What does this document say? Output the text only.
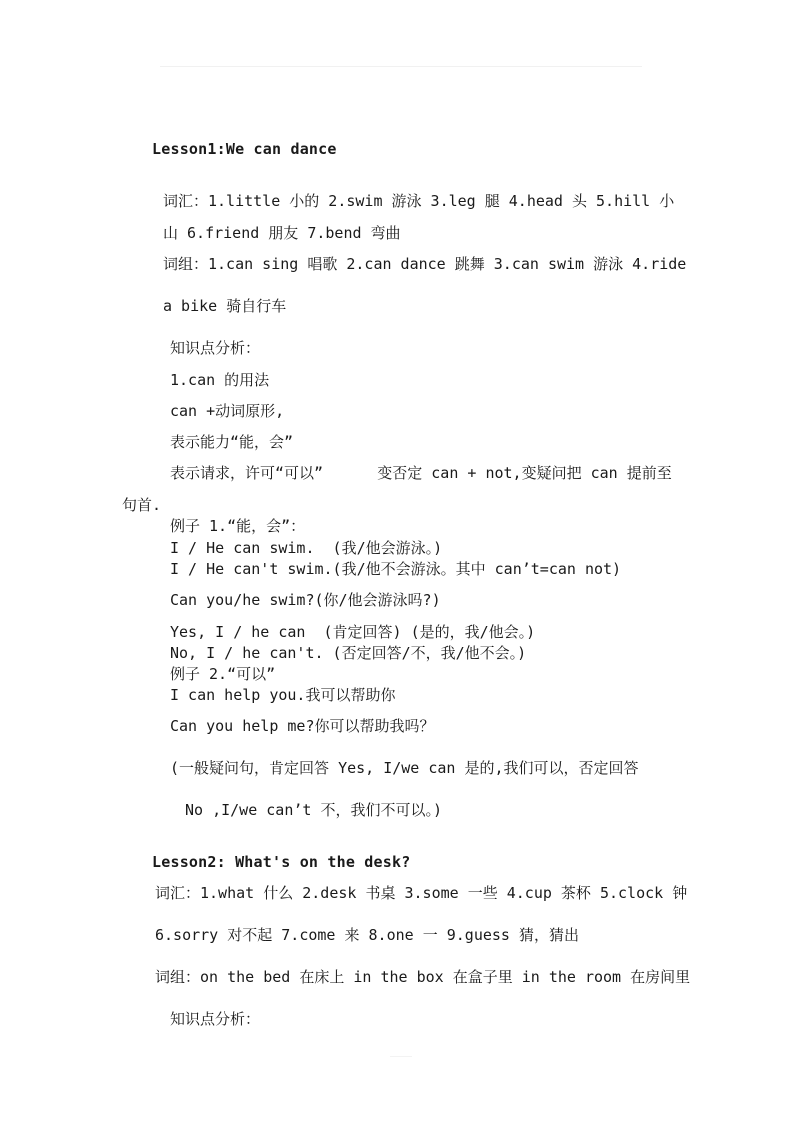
Lesson1:We can dance
词汇：1.little 小的 2.swim 游泳 3.leg 腿 4.head 头 5.hill 小
山 6.friend 朋友 7.bend 弯曲
词组：1.can sing 唱歌 2.can dance 跳舞 3.can swim 游泳 4.ride
a bike 骑自行车
知识点分析：
1.can 的用法
can +动词原形,
表示能力“能，会”
表示请求，许可“可以”      变否定 can + not,变疑问把 can 提前至
句首.
例子 1.“能，会”：
I / He can swim.  (我/他会游泳。)
I / He can't swim.(我/他不会游泳。其中 can’t=can not)
Can you/he swim?(你/他会游泳吗?)
Yes, I / he can  (肯定回答) (是的，我/他会。)
No, I / he can't. (否定回答/不，我/他不会。)
例子 2.“可以”
I can help you.我可以帮助你
Can you help me?你可以帮助我吗？
(一般疑问句，肯定回答 Yes, I/we can 是的,我们可以，否定回答
No ,I/we can’t 不，我们不可以。)
Lesson2: What's on the desk?
词汇：1.what 什么 2.desk 书桌 3.some 一些 4.cup 茶杯 5.clock 钟
6.sorry 对不起 7.come 来 8.one 一 9.guess 猜，猜出
词组：on the bed 在床上 in the box 在盒子里 in the room 在房间里
知识点分析：
